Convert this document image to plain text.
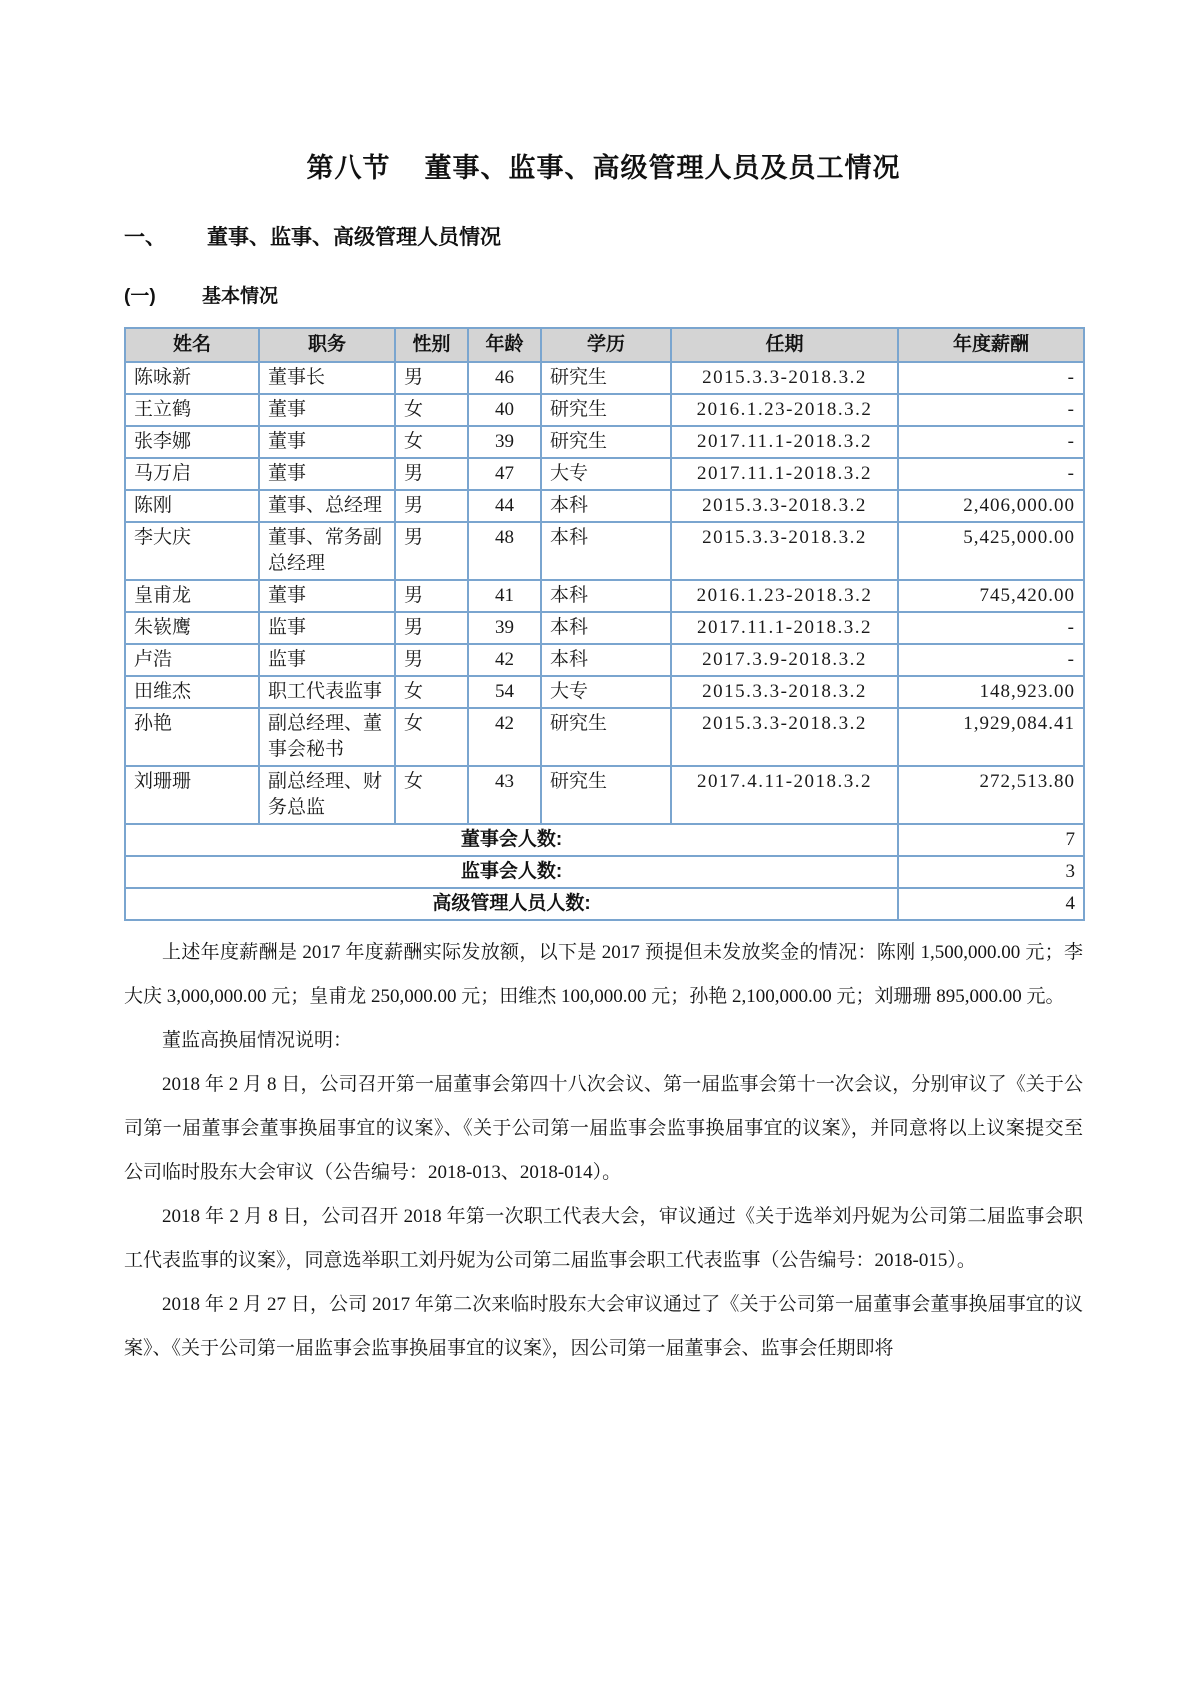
第八节 董事、监事、高级管理人员及员工情况
一、 董事、监事、高级管理人员情况
(一) 基本情况
姓名	职务	性别	年龄	学历	任期	年度薪酬
陈咏新	董事长	男	46	研究生	2015.3.3-2018.3.2	-
王立鹤	董事	女	40	研究生	2016.1.23-2018.3.2	-
张李娜	董事	女	39	研究生	2017.11.1-2018.3.2	-
马万启	董事	男	47	大专	2017.11.1-2018.3.2	-
陈刚	董事、总经理	男	44	本科	2015.3.3-2018.3.2	2,406,000.00
李大庆	董事、常务副总经理	男	48	本科	2015.3.3-2018.3.2	5,425,000.00
皇甫龙	董事	男	41	本科	2016.1.23-2018.3.2	745,420.00
朱嵚鹰	监事	男	39	本科	2017.11.1-2018.3.2	-
卢浩	监事	男	42	本科	2017.3.9-2018.3.2	-
田维杰	职工代表监事	女	54	大专	2015.3.3-2018.3.2	148,923.00
孙艳	副总经理、董事会秘书	女	42	研究生	2015.3.3-2018.3.2	1,929,084.41
刘珊珊	副总经理、财务总监	女	43	研究生	2017.4.11-2018.3.2	272,513.80
董事会人数:						7
监事会人数:						3
高级管理人员人数:						4

上述年度薪酬是 2017 年度薪酬实际发放额，以下是 2017 预提但未发放奖金的情况：陈刚 1,500,000.00 元；李大庆 3,000,000.00 元；皇甫龙 250,000.00 元；田维杰 100,000.00 元；孙艳 2,100,000.00 元；刘珊珊 895,000.00 元。

董监高换届情况说明：

2018 年 2 月 8 日，公司召开第一届董事会第四十八次会议、第一届监事会第十一次会议，分别审议了《关于公司第一届董事会董事换届事宜的议案》、《关于公司第一届监事会监事换届事宜的议案》，并同意将以上议案提交至公司临时股东大会审议（公告编号：2018-013、2018-014）。

2018 年 2 月 8 日，公司召开 2018 年第一次职工代表大会，审议通过《关于选举刘丹妮为公司第二届监事会职工代表监事的议案》，同意选举职工刘丹妮为公司第二届监事会职工代表监事（公告编号：2018-015）。

2018 年 2 月 27 日，公司 2017 年第二次来临时股东大会审议通过了《关于公司第一届董事会董事换届事宜的议案》、《关于公司第一届监事会监事换届事宜的议案》，因公司第一届董事会、监事会任期即将
